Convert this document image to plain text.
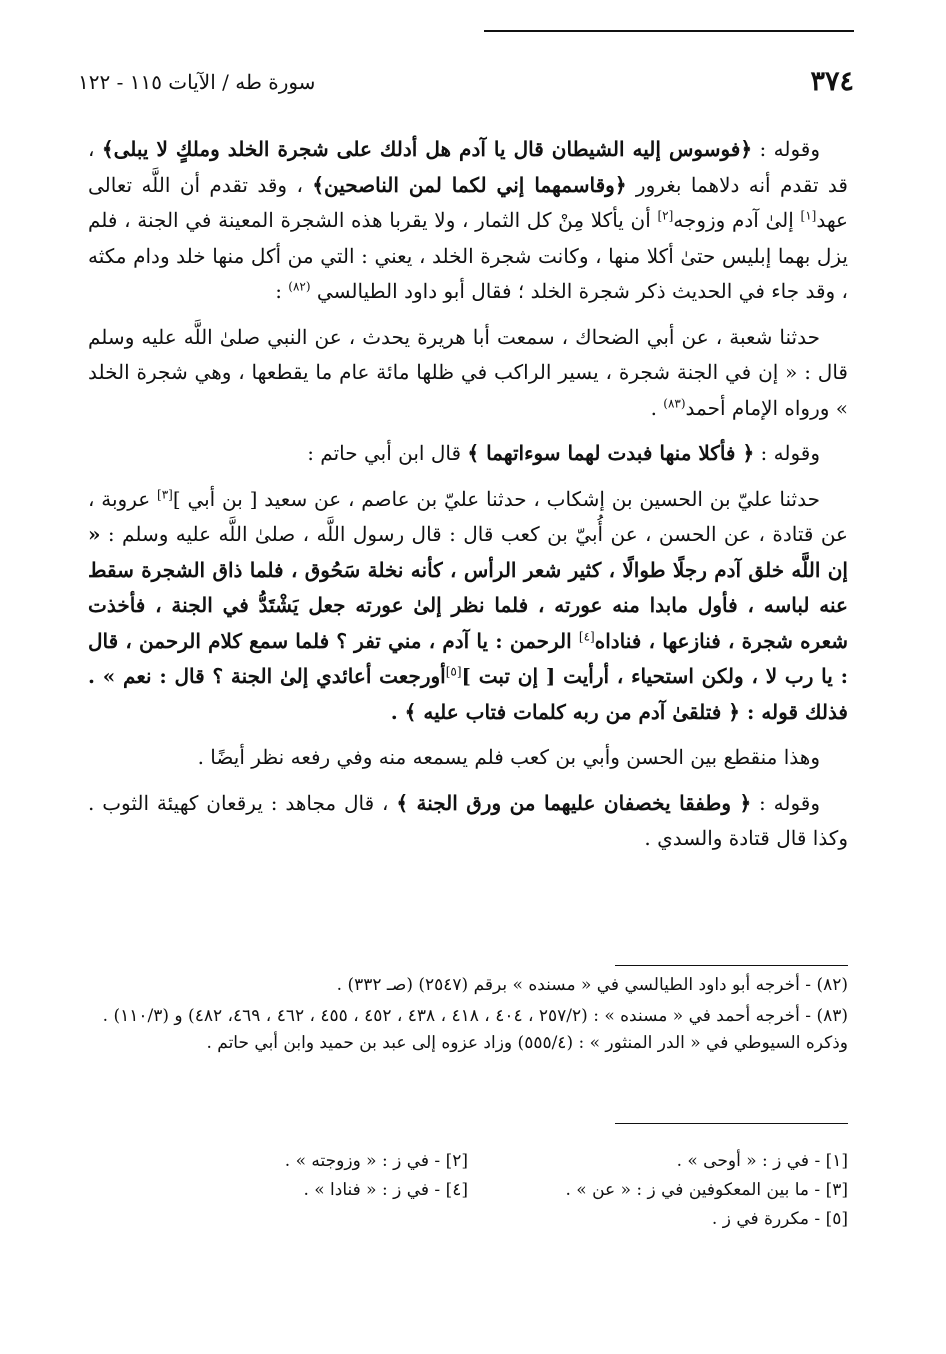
٣٧٤
سورة طه / الآيات ١١٥ - ١٢٢

وقوله : ﴿فوسوس إليه الشيطان قال يا آدم هل أدلك على شجرة الخلد وملكٍ لا يبلى﴾ ، قد تقدم أنه دلاهما بغرور ﴿وقاسمهما إني لكما لمن الناصحين﴾ ، وقد تقدم أن اللَّه تعالى عهد[١] إلىٰ آدم وزوجه[٢] أن يأكلا مِنْ كل الثمار ، ولا يقربا هذه الشجرة المعينة في الجنة ، فلم يزل بهما إبليس حتىٰ أكلا منها ، وكانت شجرة الخلد ، يعني : التي من أكل منها خلد ودام مكثه ، وقد جاء في الحديث ذكر شجرة الخلد ؛ فقال أبو داود الطيالسي $^{(٨٢)}$ :

حدثنا شعبة ، عن أبي الضحاك ، سمعت أبا هريرة يحدث ، عن النبي صلىٰ اللَّه عليه وسلم قال : « إن في الجنة شجرة ، يسير الراكب في ظلها مائة عام ما يقطعها ، وهي شجرة الخلد » ورواه الإمام أحمد$^{(٨٣)}$ .

وقوله : ﴿ فأكلا منها فبدت لهما سوءاتهما ﴾ قال ابن أبي حاتم :

حدثنا عليّ بن الحسين بن إشكاب ، حدثنا عليّ بن عاصم ، عن سعيد [ بن أبي ][٣] عروبة ، عن قتادة ، عن الحسن ، عن أُبيّ بن كعب قال : قال رسول اللَّه ، صلىٰ اللَّه عليه وسلم : « إن اللَّه خلق آدم رجلًا طوالًا ، كثير شعر الرأس ، كأنه نخلة سَحُوق ، فلما ذاق الشجرة سقط عنه لباسه ، فأول مابدا منه عورته ، فلما نظر إلىٰ عورته جعل يَشْتَدُّ في الجنة ، فأخذت شعره شجرة ، فنازعها ، فناداه[٤] الرحمن : يا آدم ، مني تفر ؟ فلما سمع كلام الرحمن ، قال : يا رب لا ، ولكن استحياء ، أرأيت [ إن تبت ][٥]أورجعت أعائدي إلىٰ الجنة ؟ قال : نعم » . فذلك قوله : ﴿ فتلقىٰ آدم من ربه كلمات فتاب عليه ﴾ .

وهذا منقطع بين الحسن وأبي بن كعب فلم يسمعه منه وفي رفعه نظر أيضًا .

وقوله : ﴿ وطفقا يخصفان عليهما من ورق الجنة ﴾ ، قال مجاهد : يرقعان كهيئة الثوب . وكذا قال قتادة والسدي .

(٨٢) - أخرجه أبو داود الطيالسي في « مسنده » برقم (٢٥٤٧) (صـ ٣٣٢) .

(٨٣) - أخرجه أحمد في « مسنده » : (٢٥٧/٢ ، ٤٠٤ ، ٤١٨ ، ٤٣٨ ، ٤٥٢ ، ٤٥٥ ، ٤٦٢ ، ٤٦٩، ٤٨٢) و (١١٠/٣) . وذكره السيوطي في « الدر المنثور » : (٥٥٥/٤) وزاد عزوه إلى عبد بن حميد وابن أبي حاتم .

[١] - في ز : « أوحى » .
[٢] - في ز : « وزوجته » .
[٣] - ما بين المعكوفين في ز : « عن » .
[٤] - في ز : « فنادا » .
[٥] - مكررة في ز .
